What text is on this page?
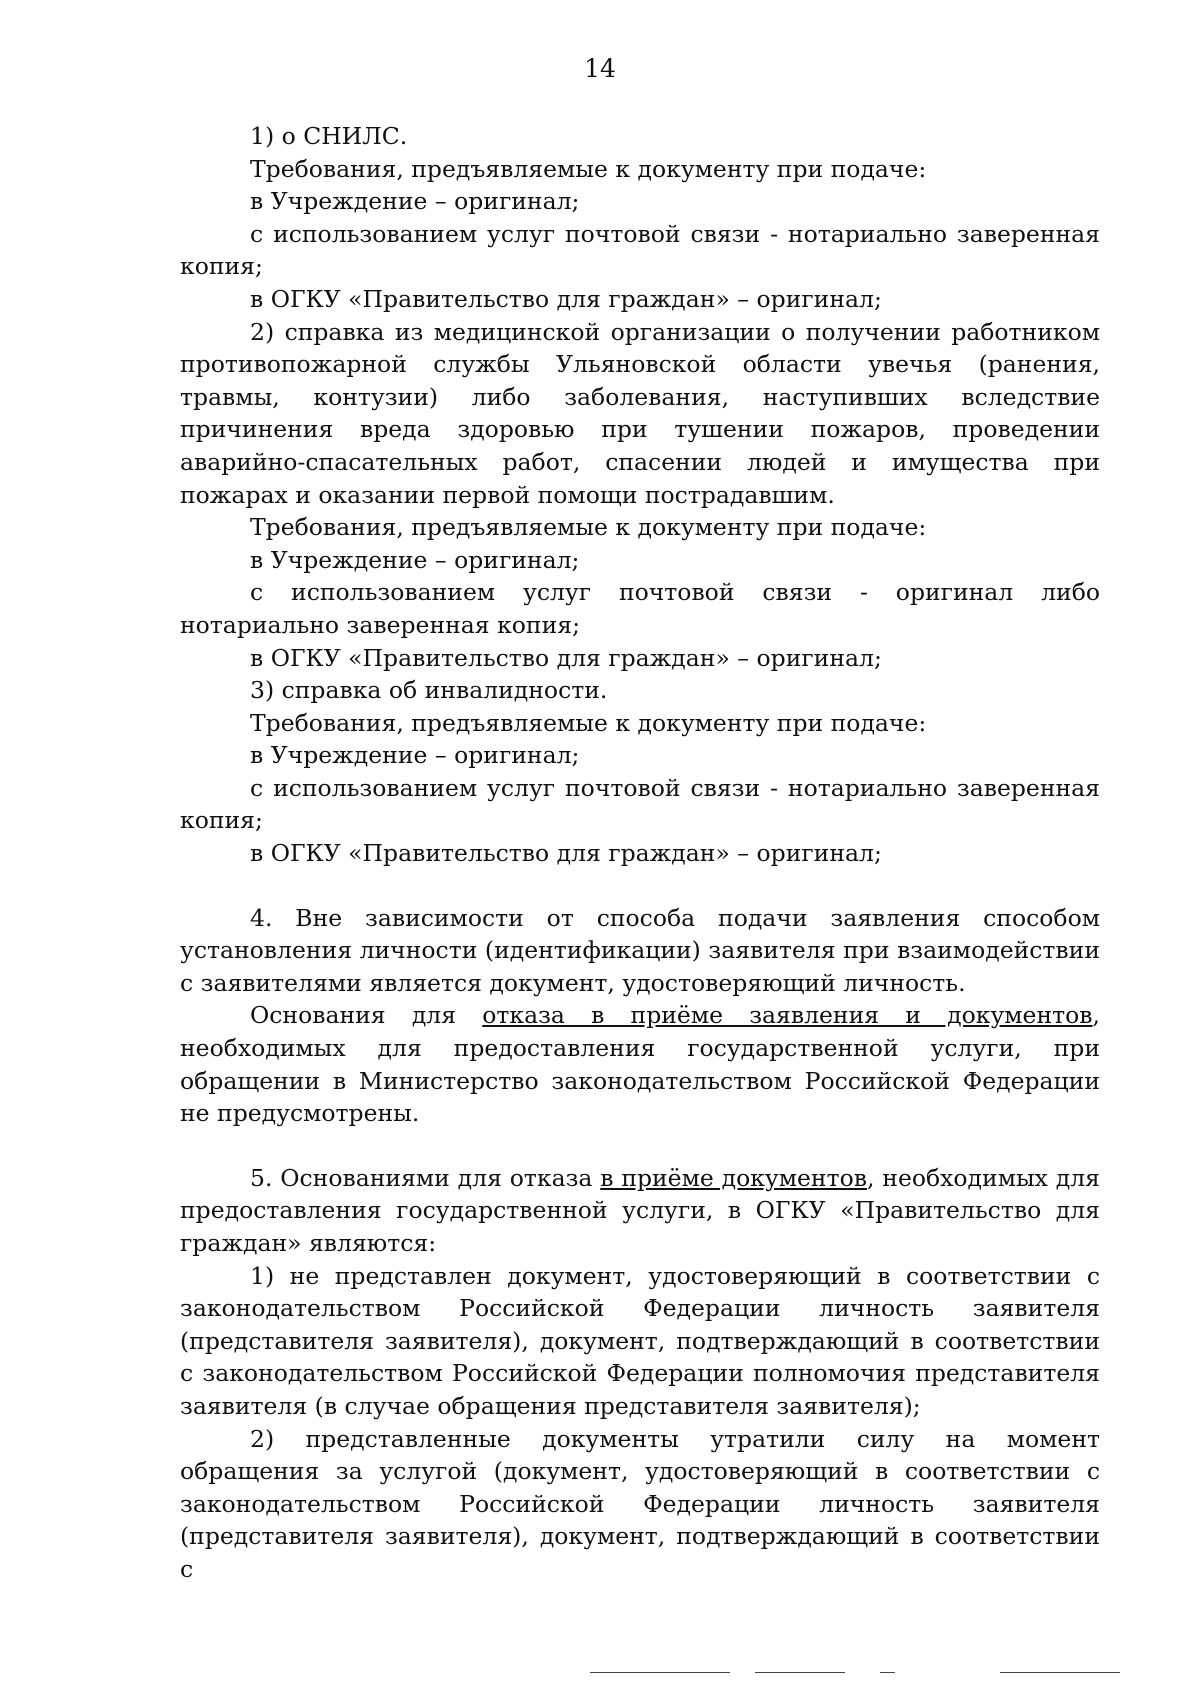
14

1) о СНИЛС.

Требования, предъявляемые к документу при подаче:

в Учреждение – оригинал;

с использованием услуг почтовой связи - нотариально заверенная копия;

в ОГКУ «Правительство для граждан» – оригинал;

2) справка из медицинской организации о получении работником противопожарной службы Ульяновской области увечья (ранения, травмы, контузии) либо заболевания, наступивших вследствие причинения вреда здоровью при тушении пожаров, проведении аварийно-спасательных работ, спасении людей и имущества при пожарах и оказании первой помощи пострадавшим.

Требования, предъявляемые к документу при подаче:

в Учреждение – оригинал;

с использованием услуг почтовой связи - оригинал либо нотариально заверенная копия;

в ОГКУ «Правительство для граждан» – оригинал;

3) справка об инвалидности.

Требования, предъявляемые к документу при подаче:

в Учреждение – оригинал;

с использованием услуг почтовой связи - нотариально заверенная копия;

в ОГКУ «Правительство для граждан» – оригинал;

4. Вне зависимости от способа подачи заявления способом установления личности (идентификации) заявителя при взаимодействии с заявителями является документ, удостоверяющий личность.

Основания для отказа в приёме заявления и документов, необходимых для предоставления государственной услуги, при обращении в Министерство законодательством Российской Федерации не предусмотрены.

5. Основаниями для отказа в приёме документов, необходимых для предоставления государственной услуги, в ОГКУ «Правительство для граждан» являются:

1) не представлен документ, удостоверяющий в соответствии с законодательством Российской Федерации личность заявителя (представителя заявителя), документ, подтверждающий в соответствии с законодательством Российской Федерации полномочия представителя заявителя (в случае обращения представителя заявителя);

2) представленные документы утратили силу на момент обращения за услугой (документ, удостоверяющий в соответствии с законодательством Российской Федерации личность заявителя (представителя заявителя), документ, подтверждающий в соответствии с
